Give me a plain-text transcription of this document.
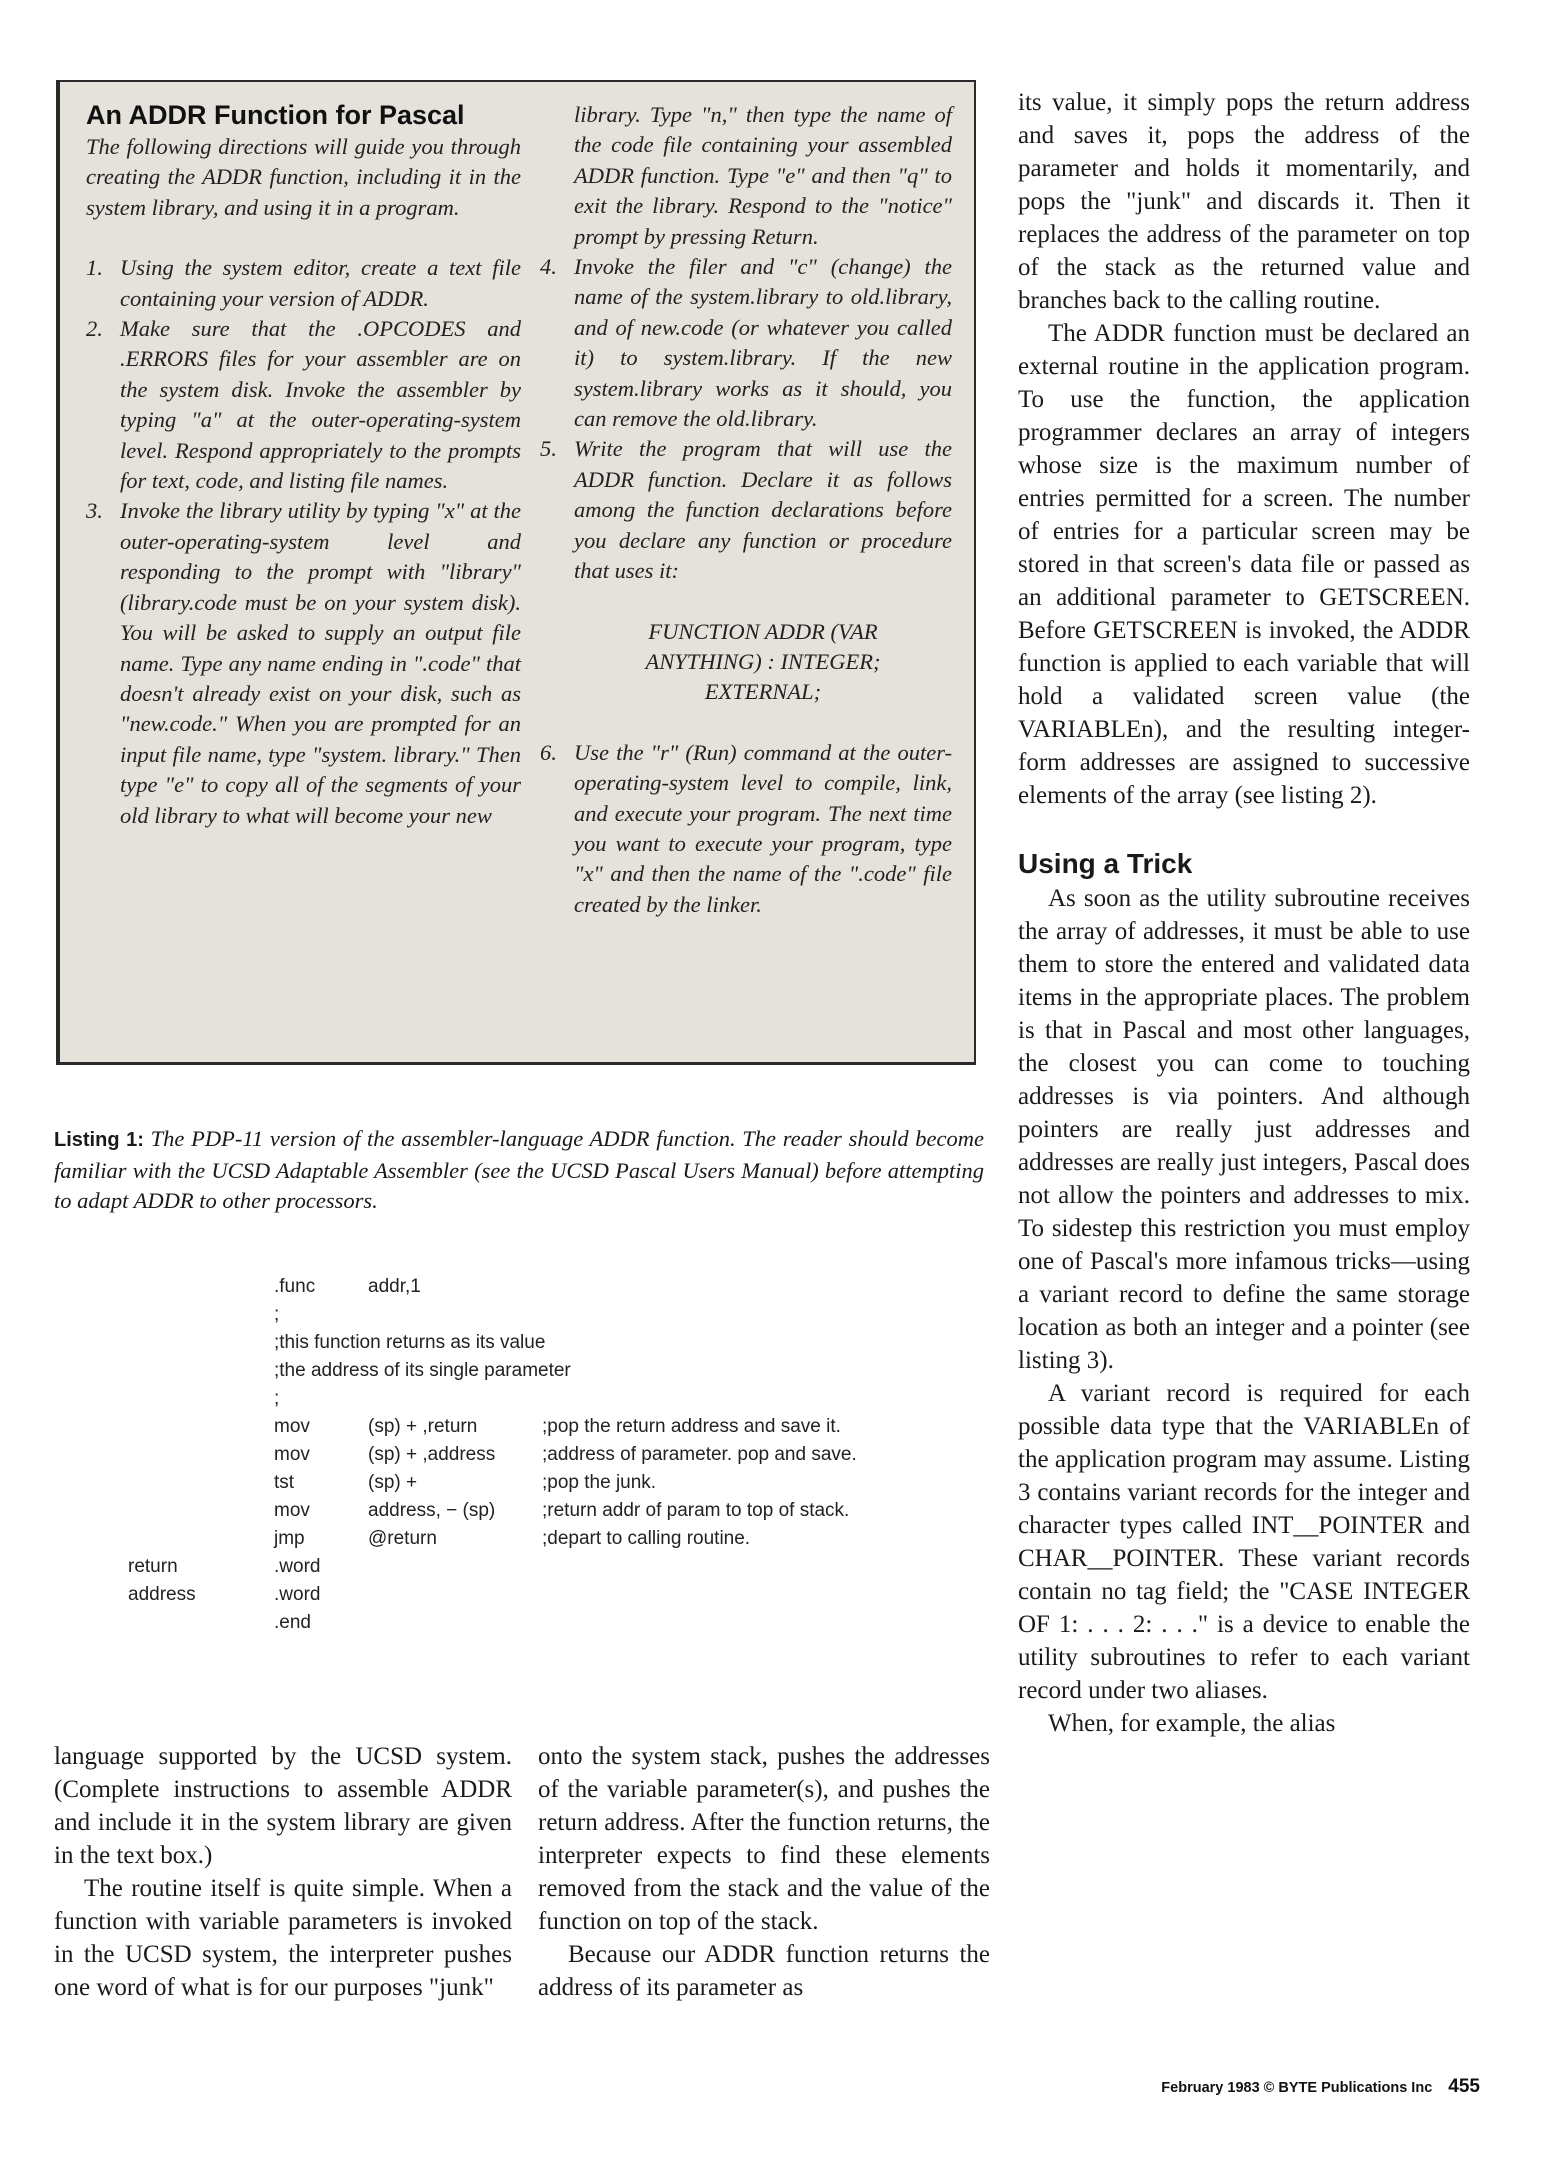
An ADDR Function for Pascal
The following directions will guide you through creating the ADDR function, including it in the system library, and using it in a program.
1. Using the system editor, create a text file containing your version of ADDR.
2. Make sure that the .OPCODES and .ERRORS files for your assembler are on the system disk. Invoke the assembler by typing "a" at the outer-operating-system level. Respond appropriately to the prompts for text, code, and listing file names.
3. Invoke the library utility by typing "x" at the outer-operating-system level and responding to the prompt with "library" (library.code must be on your system disk). You will be asked to supply an output file name. Type any name ending in ".code" that doesn't already exist on your disk, such as "new.code." When you are prompted for an input file name, type "system. library." Then type "e" to copy all of the segments of your old library to what will become your new
library. Type "n," then type the name of the code file containing your assembled ADDR function. Type "e" and then "q" to exit the library. Respond to the "notice" prompt by pressing Return.
4. Invoke the filer and "c" (change) the name of the system.library to old.library, and of new.code (or whatever you called it) to system.library. If the new system.library works as it should, you can remove the old.library.
5. Write the program that will use the ADDR function. Declare it as follows among the function declarations before you declare any function or procedure that uses it:
FUNCTION ADDR (VAR
ANYTHING) : INTEGER;
EXTERNAL;
6. Use the "r" (Run) command at the outer-operating-system level to compile, link, and execute your program. The next time you want to execute your program, type "x" and then the name of the ".code" file created by the linker.
Listing 1: The PDP-11 version of the assembler-language ADDR function. The reader should become familiar with the UCSD Adaptable Assembler (see the UCSD Pascal Users Manual) before attempting to adapt ADDR to other processors.
.func	addr,1
;
;this function returns as its value
;the address of its single parameter
;
mov	(sp) + ,return	;pop the return address and save it.
mov	(sp) + ,address ;address of parameter. pop and save.
tst	(sp) +	;pop the junk.
mov	address, − (sp) ;return addr of param to top of stack.
jmp	@return	;depart to calling routine.
return	.word
address	.word
.end

language supported by the UCSD system. (Complete instructions to assemble ADDR and include it in the system library are given in the text box.)

The routine itself is quite simple. When a function with variable parameters is invoked in the UCSD system, the interpreter pushes one word of what is for our purposes "junk"

onto the system stack, pushes the addresses of the variable parameter(s), and pushes the return address. After the function returns, the interpreter expects to find these elements removed from the stack and the value of the function on top of the stack.

Because our ADDR function returns the address of its parameter as

its value, it simply pops the return address and saves it, pops the address of the parameter and holds it momentarily, and pops the "junk" and discards it. Then it replaces the address of the parameter on top of the stack as the returned value and branches back to the calling routine.

The ADDR function must be declared an external routine in the application program. To use the function, the application programmer declares an array of integers whose size is the maximum number of entries permitted for a screen. The number of entries for a particular screen may be stored in that screen's data file or passed as an additional parameter to GETSCREEN. Before GETSCREEN is invoked, the ADDR function is applied to each variable that will hold a validated screen value (the VARIABLEn), and the resulting integer-form addresses are assigned to successive elements of the array (see listing 2).

Using a Trick

As soon as the utility subroutine receives the array of addresses, it must be able to use them to store the entered and validated data items in the appropriate places. The problem is that in Pascal and most other languages, the closest you can come to touching addresses is via pointers. And although pointers are really just addresses and addresses are really just integers, Pascal does not allow the pointers and addresses to mix. To sidestep this restriction you must employ one of Pascal's more infamous tricks—using a variant record to define the same storage location as both an integer and a pointer (see listing 3).

A variant record is required for each possible data type that the VARIABLEn of the application program may assume. Listing 3 contains variant records for the integer and character types called INT__POINTER and CHAR__POINTER. These variant records contain no tag field; the "CASE INTEGER OF 1: . . . 2: . . ." is a device to enable the utility subroutines to refer to each variant record under two aliases.

When, for example, the alias

February 1983 © BYTE Publications Inc 455
